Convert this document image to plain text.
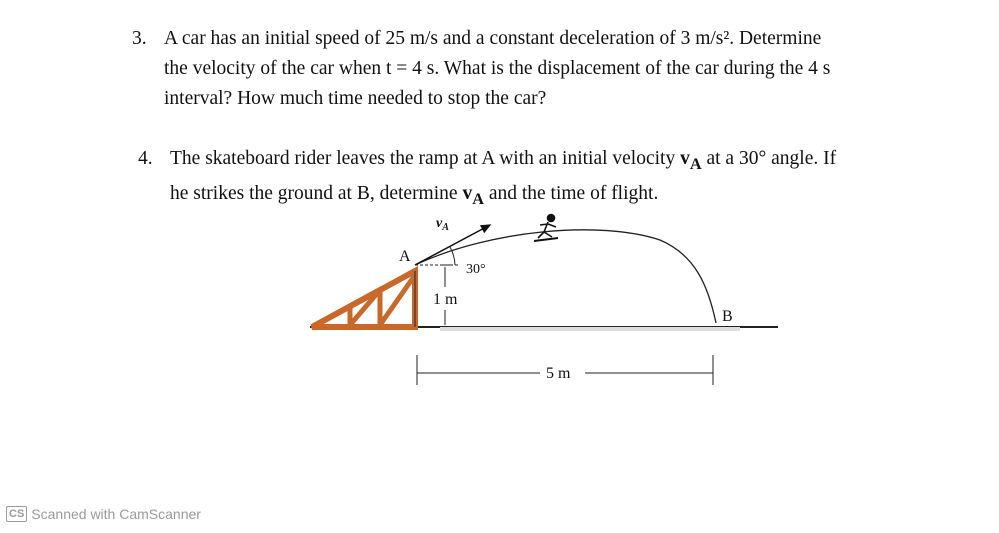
3. A car has an initial speed of 25 m/s and a constant deceleration of 3 m/s². Determine
the velocity of the car when t = 4 s. What is the displacement of the car during the 4 s
interval? How much time needed to stop the car?
4. The skateboard rider leaves the ramp at A with an initial velocity $v_A$ at a 30° angle. If
he strikes the ground at B, determine $v_A$ and the time of flight.
$v_A$
A
30°
1 m
B
5 m
CS Scanned with CamScanner
